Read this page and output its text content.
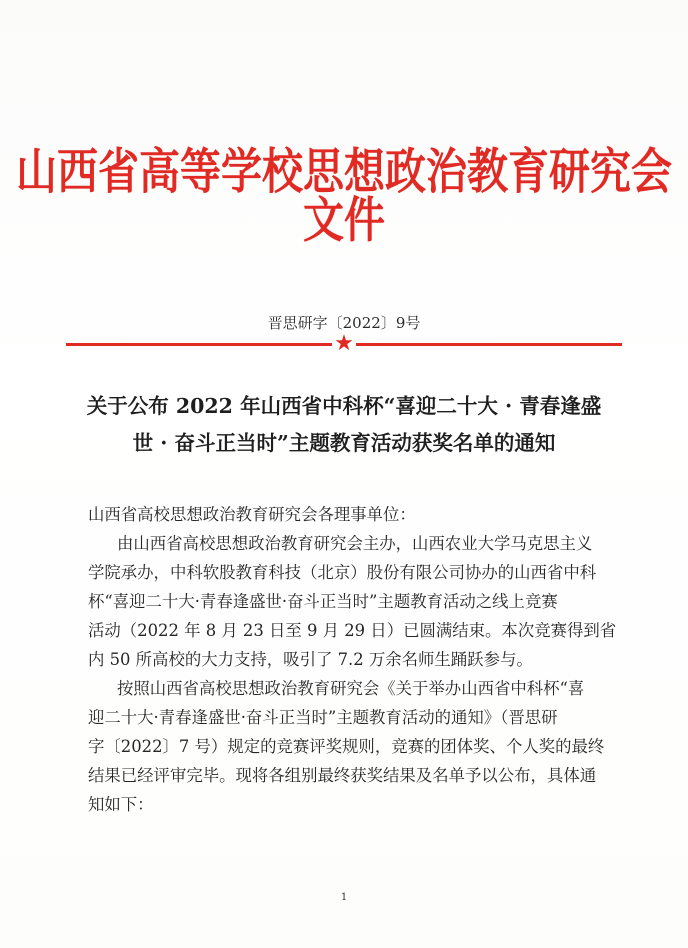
山西省高等学校思想政治教育研究会文件
晋思研字〔2022〕9号
★
关于公布 2022 年山西省中科杯“喜迎二十大 · 青春逢盛
世 · 奋斗正当时”主题教育活动获奖名单的通知
山西省高校思想政治教育研究会各理事单位：
由山西省高校思想政治教育研究会主办，山西农业大学马克思主义
学院承办，中科软股教育科技（北京）股份有限公司协办的山西省中科
杯“喜迎二十大·青春逢盛世·奋斗正当时”主题教育活动之线上竞赛
活动（2022 年 8 月 23 日至 9 月 29 日）已圆满结束。本次竞赛得到省
内 50 所高校的大力支持，吸引了 7.2 万余名师生踊跃参与。
按照山西省高校思想政治教育研究会《关于举办山西省中科杯“喜
迎二十大·青春逢盛世·奋斗正当时”主题教育活动的通知》（晋思研
字〔2022〕7 号）规定的竞赛评奖规则，竞赛的团体奖、个人奖的最终
结果已经评审完毕。现将各组别最终获奖结果及名单予以公布，具体通
知如下：
1
